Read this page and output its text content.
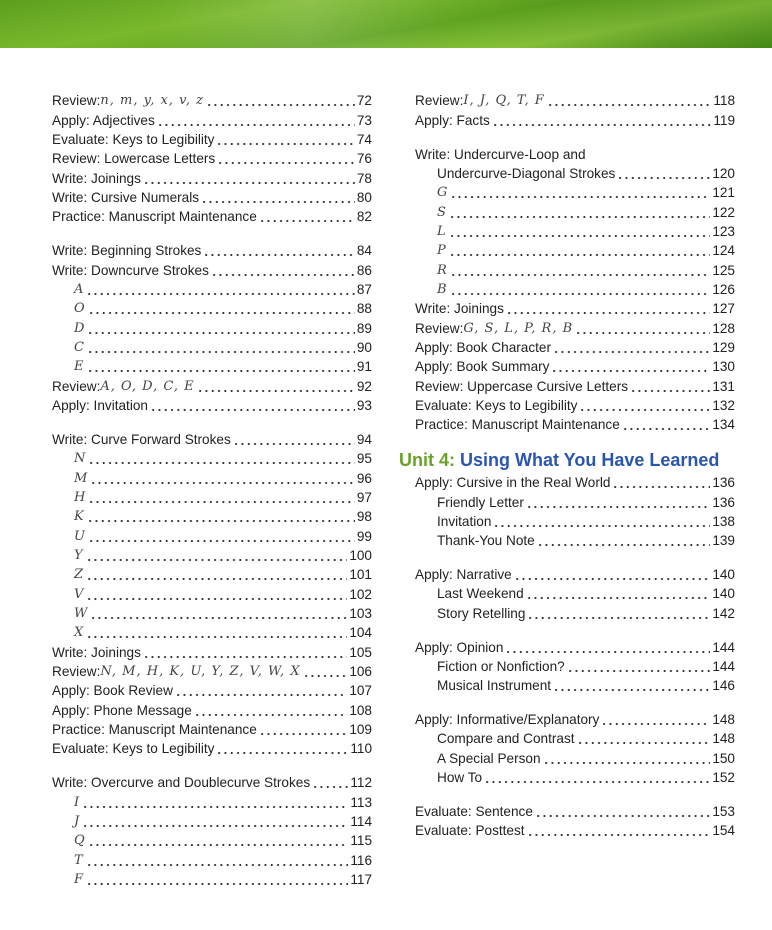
Review: n, m, y, x, v, z	72
Apply: Adjectives	73
Evaluate: Keys to Legibility	74
Review: Lowercase Letters	76
Write: Joinings	78
Write: Cursive Numerals	80
Practice: Manuscript Maintenance	82
Write: Beginning Strokes	84
Write: Downcurve Strokes	86
A	87
O	88
D	89
C	90
E	91
Review: A, O, D, C, E	92
Apply: Invitation	93
Write: Curve Forward Strokes	94
N	95
M	96
H	97
K	98
U	99
Y	100
Z	101
V	102
W	103
X	104
Write: Joinings	105
Review: N, M, H, K, U, Y, Z, V, W, X	106
Apply: Book Review	107
Apply: Phone Message	108
Practice: Manuscript Maintenance	109
Evaluate: Keys to Legibility	110
Write: Overcurve and Doublecurve Strokes	112
I	113
J	114
Q	115
T	116
F	117
Review: I, J, Q, T, F	118
Apply: Facts	119
Write: Undercurve-Loop and
Undercurve-Diagonal Strokes	120
G	121
S	122
L	123
P	124
R	125
B	126
Write: Joinings	127
Review: G, S, L, P, R, B	128
Apply: Book Character	129
Apply: Book Summary	130
Review: Uppercase Cursive Letters	131
Evaluate: Keys to Legibility	132
Practice: Manuscript Maintenance	134
Unit 4: Using What You Have Learned
Apply: Cursive in the Real World	136
Friendly Letter	136
Invitation	138
Thank-You Note	139
Apply: Narrative	140
Last Weekend	140
Story Retelling	142
Apply: Opinion	144
Fiction or Nonfiction?	144
Musical Instrument	146
Apply: Informative/Explanatory	148
Compare and Contrast	148
A Special Person	150
How To	152
Evaluate: Sentence	153
Evaluate: Posttest	154
